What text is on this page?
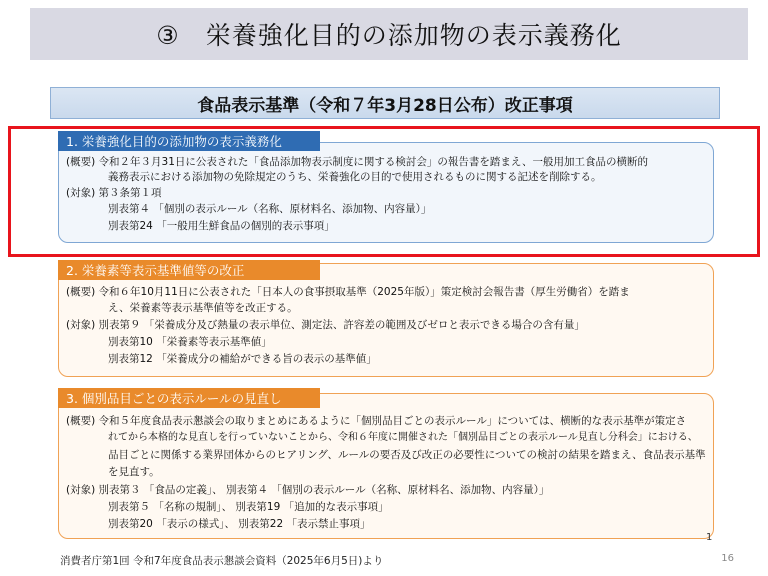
③　栄養強化目的の添加物の表示義務化
食品表示基準（令和７年3月28日公布）改正事項
1. 栄養強化目的の添加物の表示義務化
(概要) 令和２年３月31日に公表された「食品添加物表示制度に関する検討会」の報告書を踏まえ、一般用加工食品の横断的
義務表示における添加物の免除規定のうち、栄養強化の目的で使用されるものに関する記述を削除する。
(対象) 第３条第１項
別表第４ 「個別の表示ルール（名称、原材料名、添加物、内容量）」
別表第24 「一般用生鮮食品の個別的表示事項」
2. 栄養素等表示基準値等の改正
(概要) 令和６年10月11日に公表された「日本人の食事摂取基準（2025年版）」策定検討会報告書（厚生労働省）を踏ま
え、栄養素等表示基準値等を改正する。
(対象) 別表第９ 「栄養成分及び熱量の表示単位、測定法、許容差の範囲及びゼロと表示できる場合の含有量」
別表第10 「栄養素等表示基準値」
別表第12 「栄養成分の補給ができる旨の表示の基準値」
3. 個別品目ごとの表示ルールの見直し
(概要) 令和５年度食品表示懇談会の取りまとめにあるように「個別品目ごとの表示ルール」については、横断的な表示基準が策定さ
れてから本格的な見直しを行っていないことから、令和６年度に開催された「個別品目ごとの表示ルール見直し分科会」における、
品目ごとに関係する業界団体からのヒアリング、ルールの要否及び改正の必要性についての検討の結果を踏まえ、食品表示基準
を見直す。
(対象) 別表第３ 「食品の定義」、 別表第４ 「個別の表示ルール（名称、原材料名、添加物、内容量）」
別表第５ 「名称の規制」、 別表第19 「追加的な表示事項」
別表第20 「表示の様式」、 別表第22 「表示禁止事項」
1
消費者庁第1回 令和7年度食品表示懇談会資料（2025年6月5日)より	16
